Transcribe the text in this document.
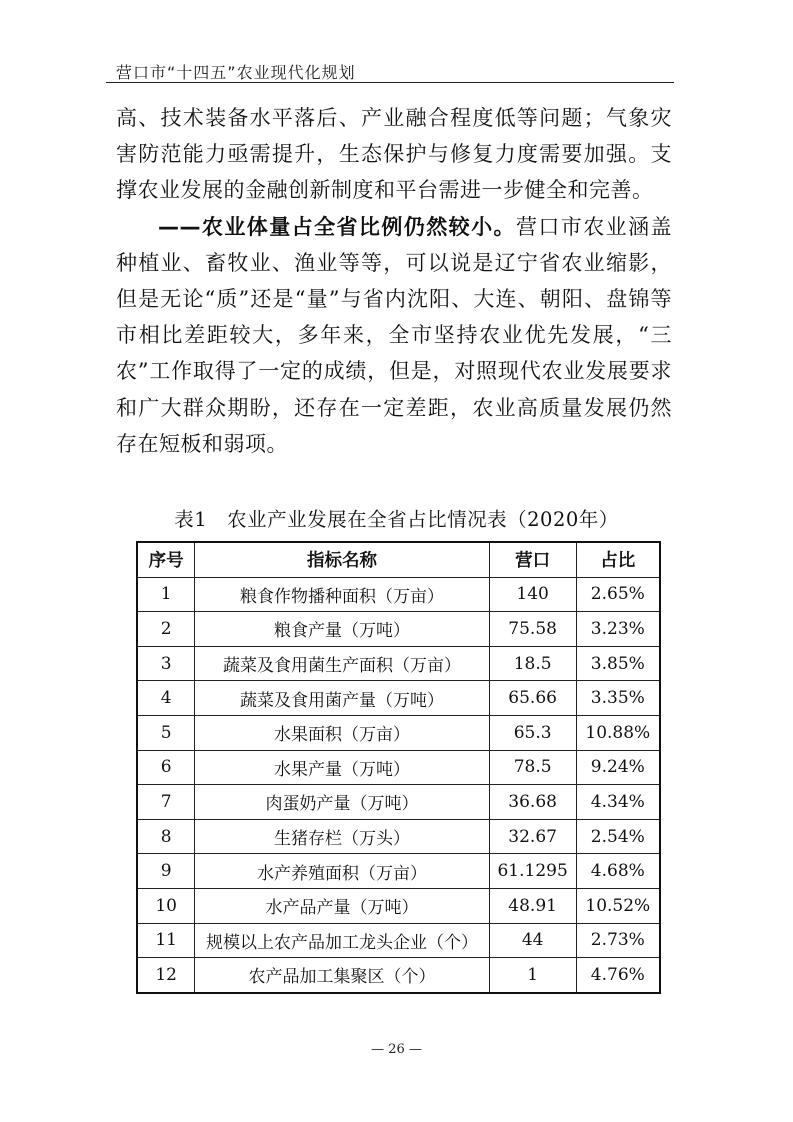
营口市“十四五”农业现代化规划

高、技术装备水平落后、产业融合程度低等问题；气象灾害防范能力亟需提升，生态保护与修复力度需要加强。支撑农业发展的金融创新制度和平台需进一步健全和完善。

——农业体量占全省比例仍然较小。营口市农业涵盖种植业、畜牧业、渔业等等，可以说是辽宁省农业缩影，但是无论“质”还是“量”与省内沈阳、大连、朝阳、盘锦等市相比差距较大，多年来，全市坚持农业优先发展，“三农”工作取得了一定的成绩，但是，对照现代农业发展要求和广大群众期盼，还存在一定差距，农业高质量发展仍然存在短板和弱项。

表1　农业产业发展在全省占比情况表（2020年）
序号	指标名称	营口	占比
1	粮食作物播种面积（万亩）	140	2.65%
2	粮食产量（万吨）	75.58	3.23%
3	蔬菜及食用菌生产面积（万亩）	18.5	3.85%
4	蔬菜及食用菌产量（万吨）	65.66	3.35%
5	水果面积（万亩）	65.3	10.88%
6	水果产量（万吨）	78.5	9.24%
7	肉蛋奶产量（万吨）	36.68	4.34%
8	生猪存栏（万头）	32.67	2.54%
9	水产养殖面积（万亩）	61.1295	4.68%
10	水产品产量（万吨）	48.91	10.52%
11	规模以上农产品加工龙头企业（个）	44	2.73%
12	农产品加工集聚区（个）	1	4.76%
— 26 —
